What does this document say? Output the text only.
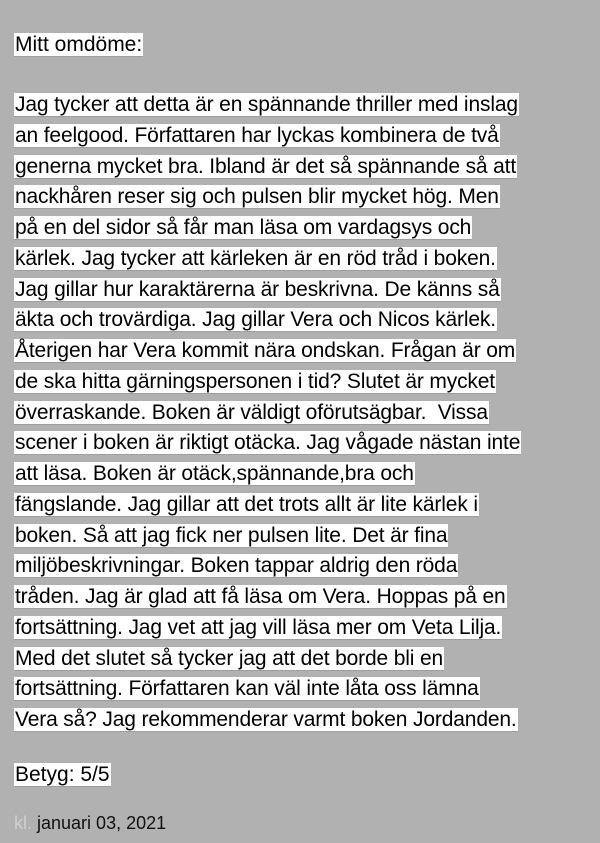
Mitt omdöme:
Jag tycker att detta är en spännande thriller med inslag
an feelgood. Författaren har lyckas kombinera de två
generna mycket bra. Ibland är det så spännande så att
nackhåren reser sig och pulsen blir mycket hög. Men
på en del sidor så får man läsa om vardagsys och
kärlek. Jag tycker att kärleken är en röd tråd i boken.
Jag gillar hur karaktärerna är beskrivna. De känns så
äkta och trovärdiga. Jag gillar Vera och Nicos kärlek.
Återigen har Vera kommit nära ondskan. Frågan är om
de ska hitta gärningspersonen i tid? Slutet är mycket
överraskande. Boken är väldigt oförutsägbar.  Vissa
scener i boken är riktigt otäcka. Jag vågade nästan inte
att läsa. Boken är otäck,spännande,bra och
fängslande. Jag gillar att det trots allt är lite kärlek i
boken. Så att jag fick ner pulsen lite. Det är fina
miljöbeskrivningar. Boken tappar aldrig den röda
tråden. Jag är glad att få läsa om Vera. Hoppas på en
fortsättning. Jag vet att jag vill läsa mer om Veta Lilja.
Med det slutet så tycker jag att det borde bli en
fortsättning. Författaren kan väl inte låta oss lämna
Vera så? Jag rekommenderar varmt boken Jordanden.
Betyg: 5/5
kl. januari 03, 2021
